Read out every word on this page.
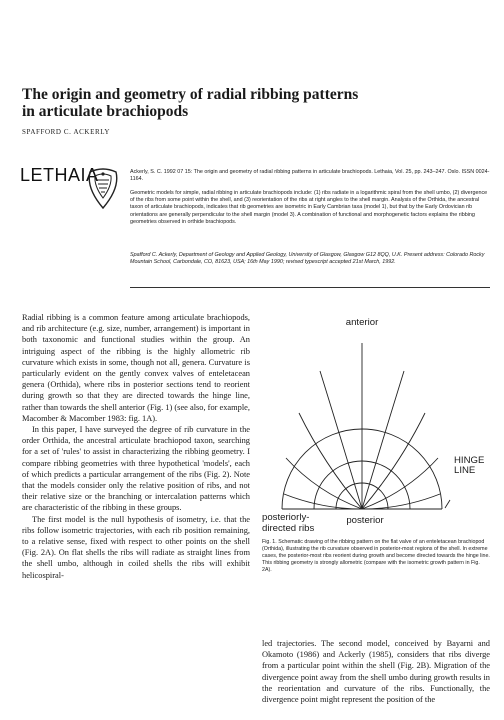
The origin and geometry of radial ribbing patterns
in articulate brachiopods
SPAFFORD C. ACKERLY
LETHAIA	Ackerly, S. C. 1992 07 15: The origin and geometry of radial ribbing patterns in articulate brachiopods. Lethaia, Vol. 25, pp. 243–247. Oslo. ISSN 0024-1164.
Geometric models for simple, radial ribbing in articulate brachiopods include: (1) ribs radiate in a logarithmic spiral from the shell umbo, (2) divergence of the ribs from some point within the shell, and (3) reorientation of the ribs at right angles to the shell margin. Analysis of the Orthida, the ancestral taxon of articulate brachiopods, indicates that rib geometries are isometric in Early Cambrian taxa (model 1), but that by the Early Ordovician rib orientations are generally perpendicular to the shell margin (model 3). A combination of functional and morphogenetic factors explains the ribbing geometries observed in orthide brachiopods.
Spafford C. Ackerly, Department of Geology and Applied Geology, University of Glasgow, Glasgow G12 8QQ, U.K. Present address: Colorado Rocky Mountain School, Carbondale, CO, 81623, USA; 16th May 1990; revised typescript accepted 21st March, 1992.

Radial ribbing is a common feature among articulate brachiopods, and rib architecture (e.g. size, number, arrangement) is important in both taxonomic and functional studies within the group. An intriguing aspect of the ribbing is the highly allometric rib curvature which exists in some, though not all, genera. Curvature is particularly evident on the gently convex valves of enteletacean genera (Orthida), where ribs in posterior sections tend to reorient during growth so that they are directed towards the hinge line, rather than towards the shell anterior (Fig. 1) (see also, for example, Macomber & Macomber 1983: fig. 1A).

In this paper, I have surveyed the degree of rib curvature in the order Orthida, the ancestral articulate brachiopod taxon, searching for a set of 'rules' to assist in characterizing the ribbing geometry. I compare ribbing geometries with three hypothetical 'models', each of which predicts a particular arrangement of the ribs (Fig. 2). Note that the models consider only the relative position of ribs, and not their relative size or the branching or intercalation patterns which are characteristic of the ribbing in these groups.

The first model is the null hypothesis of isometry, i.e. that the ribs follow isometric trajectories, with each rib position remaining, to a relative sense, fixed with respect to other points on the shell (Fig. 2A). On flat shells the ribs will radiate as straight lines from the shell umbo, although in coiled shells the ribs will exhibit helicospiral-

anterior
HINGE
LINE
posteriorly-
directed ribs
posterior
Fig. 1. Schematic drawing of the ribbing pattern on the flat valve of an enteletacean brachiopod (Orthida), illustrating the rib curvature observed in posterior-most regions of the shell. In extreme cases, the posterior-most ribs reorient during growth and become directed towards the hinge line. This ribbing geometry is strongly allometric (compare with the isometric growth pattern in Fig. 2A).

led trajectories. The second model, conceived by Bayarni and Okamoto (1986) and Ackerly (1985), considers that ribs diverge from a particular point within the shell (Fig. 2B). Migration of the divergence point away from the shell umbo during growth results in the reorientation and curvature of the ribs. Functionally, the divergence point might represent the position of the
